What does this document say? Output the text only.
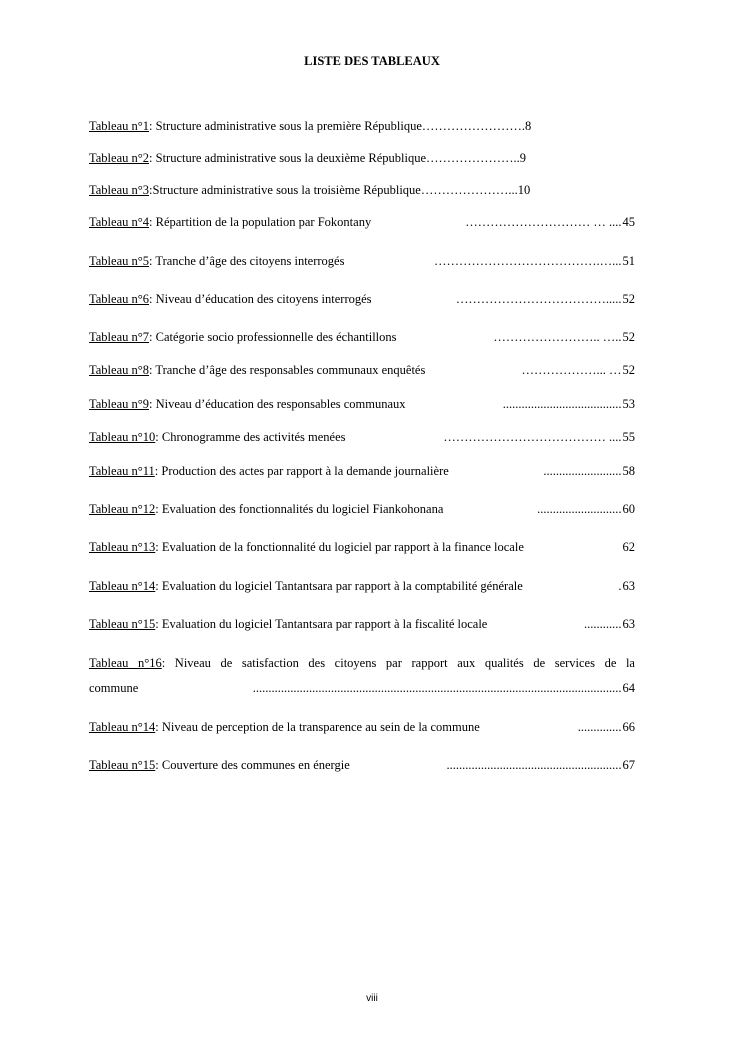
LISTE DES TABLEAUX
Tableau n°1 : Structure administrative sous la première République ……………………. 8
Tableau n°2 : Structure administrative sous la deuxième République ………………….. 9
Tableau n°3 :Structure administrative sous la troisième République …………………... 10
Tableau n°4 : Répartition de la population par Fokontany	………………………… … .... 45
Tableau n°5 : Tranche d’âge des citoyens interrogés	………………………………….…... 51
Tableau n°6 : Niveau d’éducation des citoyens interrogés	………………………………..... 52
Tableau n°7 : Catégorie socio professionnelle des échantillons	…………………….. ….. 52
Tableau n°8 : Tranche d’âge des responsables communaux enquêtés	………………... … 52
Tableau n°9 : Niveau d’éducation des responsables communaux	...................................... 53
Tableau n°10 : Chronogramme des activités menées	………………………………… .... 55
Tableau n°11 : Production des actes par rapport à la demande journalière	......................... 58
Tableau n°12 : Evaluation des fonctionnalités du logiciel Fiankohonana	........................... 60
Tableau n°13 : Evaluation de la fonctionnalité du logiciel par rapport à la finance locale	62
Tableau n°14 : Evaluation du logiciel Tantantsara par rapport à la comptabilité générale	. 63
Tableau n°15 : Evaluation du logiciel Tantantsara par rapport à la fiscalité locale	............ 63
Tableau n°16: Niveau de satisfaction des citoyens par rapport aux qualités de services de la
commune	...................................................................................................................... 64
Tableau n°14 : Niveau de perception de la transparence au sein de la commune	.............. 66
Tableau n°15 : Couverture des communes en énergie	........................................................ 67
viii
